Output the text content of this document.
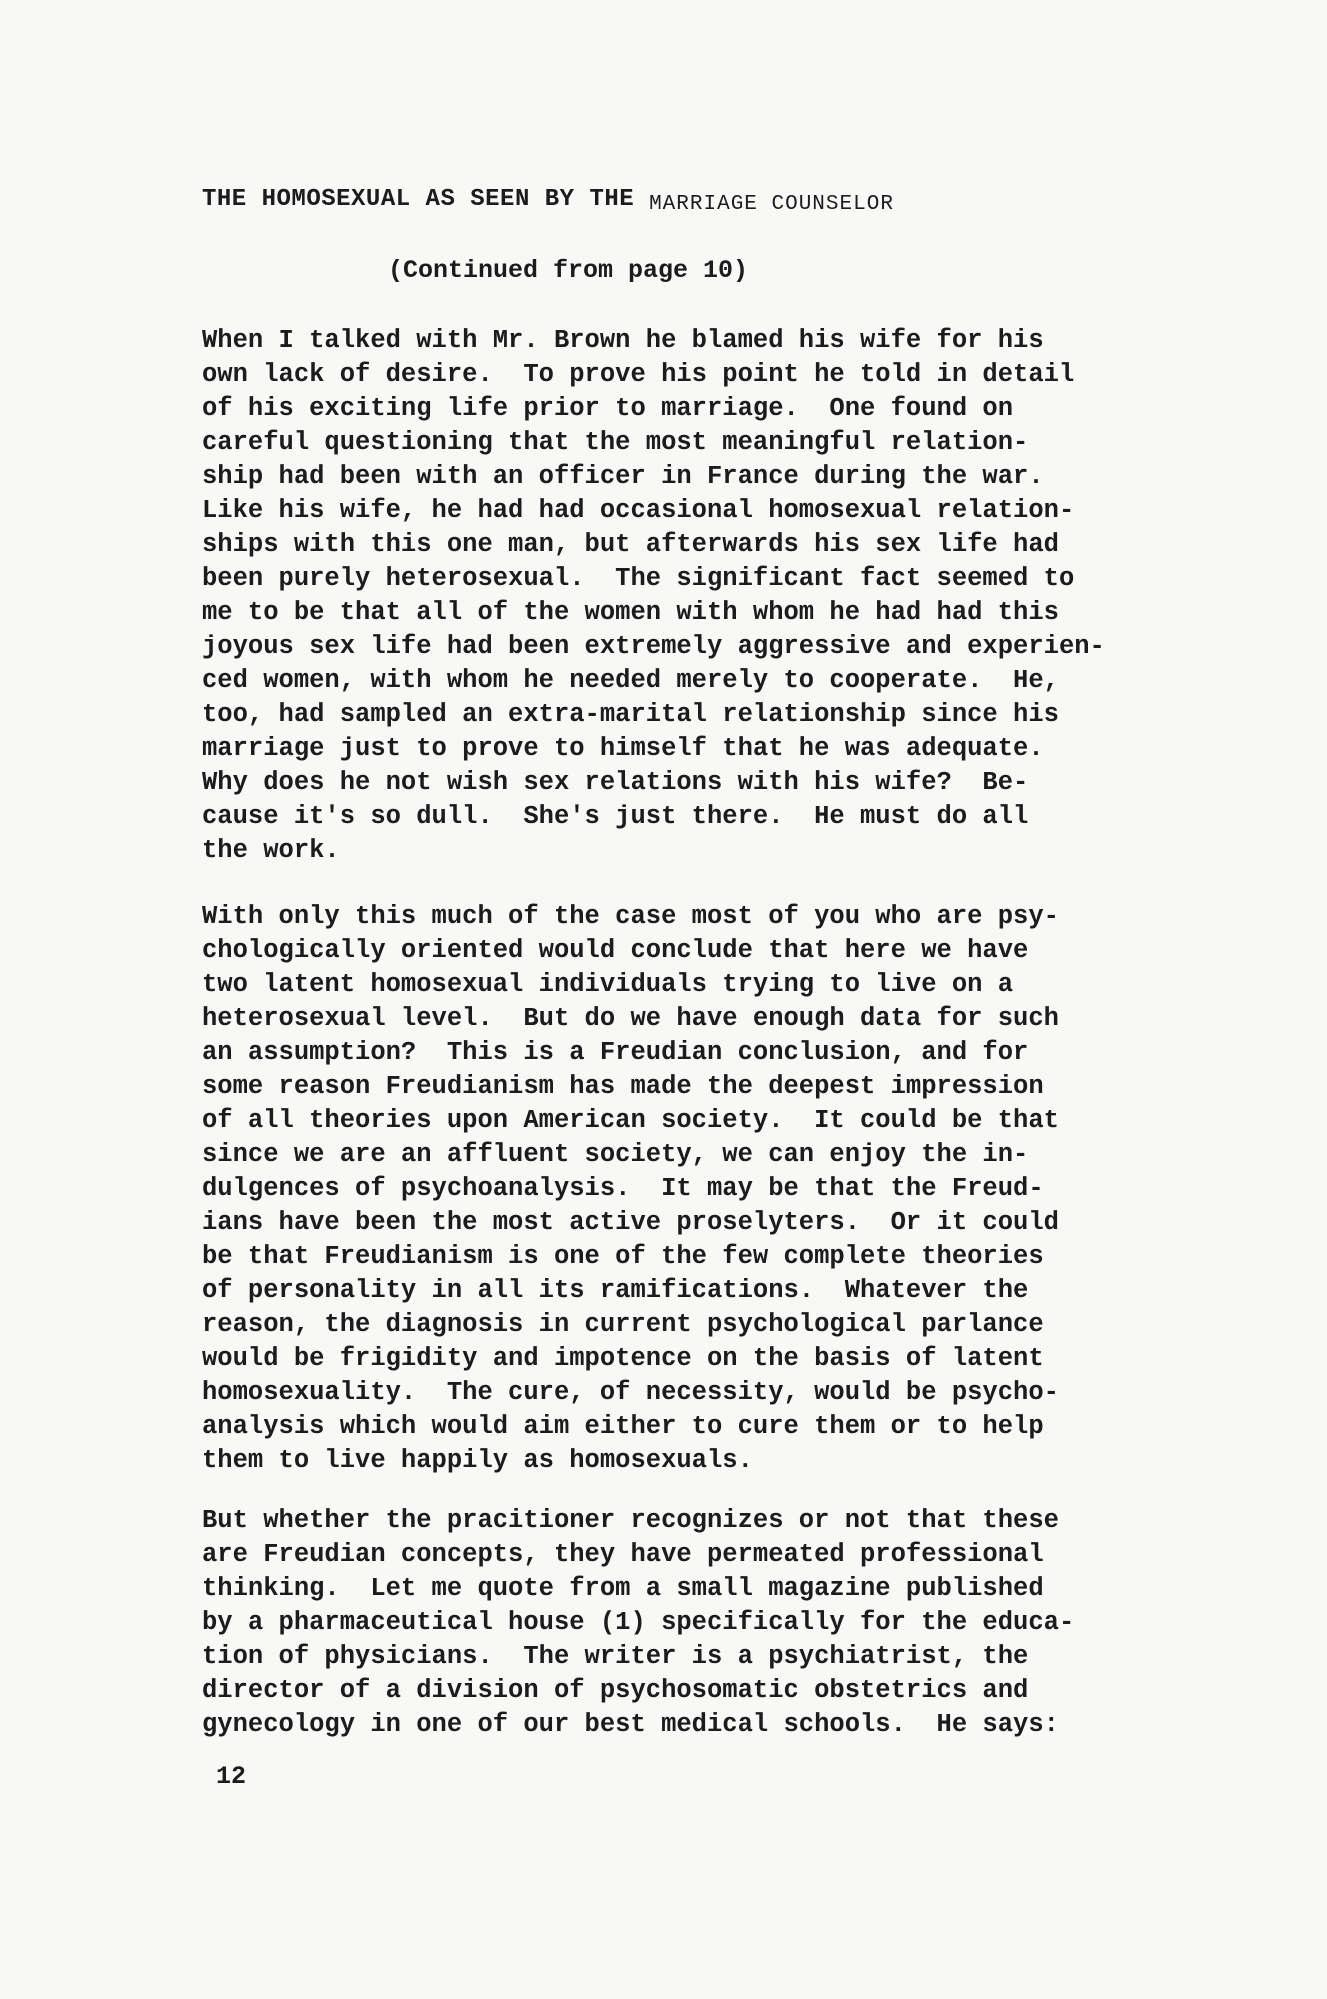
THE HOMOSEXUAL AS SEEN BY THE MARRIAGE COUNSELOR
(Continued from page 10)
When I talked with Mr. Brown he blamed his wife for his
own lack of desire.  To prove his point he told in detail
of his exciting life prior to marriage.  One found on
careful questioning that the most meaningful relation-
ship had been with an officer in France during the war.
Like his wife, he had had occasional homosexual relation-
ships with this one man, but afterwards his sex life had
been purely heterosexual.  The significant fact seemed to
me to be that all of the women with whom he had had this
joyous sex life had been extremely aggressive and experien-
ced women, with whom he needed merely to cooperate.  He,
too, had sampled an extra-marital relationship since his
marriage just to prove to himself that he was adequate.
Why does he not wish sex relations with his wife?  Be-
cause it's so dull.  She's just there.  He must do all
the work.
With only this much of the case most of you who are psy-
chologically oriented would conclude that here we have
two latent homosexual individuals trying to live on a
heterosexual level.  But do we have enough data for such
an assumption?  This is a Freudian conclusion, and for
some reason Freudianism has made the deepest impression
of all theories upon American society.  It could be that
since we are an affluent society, we can enjoy the in-
dulgences of psychoanalysis.  It may be that the Freud-
ians have been the most active proselyters.  Or it could
be that Freudianism is one of the few complete theories
of personality in all its ramifications.  Whatever the
reason, the diagnosis in current psychological parlance
would be frigidity and impotence on the basis of latent
homosexuality.  The cure, of necessity, would be psycho-
analysis which would aim either to cure them or to help
them to live happily as homosexuals.
But whether the pracitioner recognizes or not that these
are Freudian concepts, they have permeated professional
thinking.  Let me quote from a small magazine published
by a pharmaceutical house (1) specifically for the educa-
tion of physicians.  The writer is a psychiatrist, the
director of a division of psychosomatic obstetrics and
gynecology in one of our best medical schools.  He says:
12
